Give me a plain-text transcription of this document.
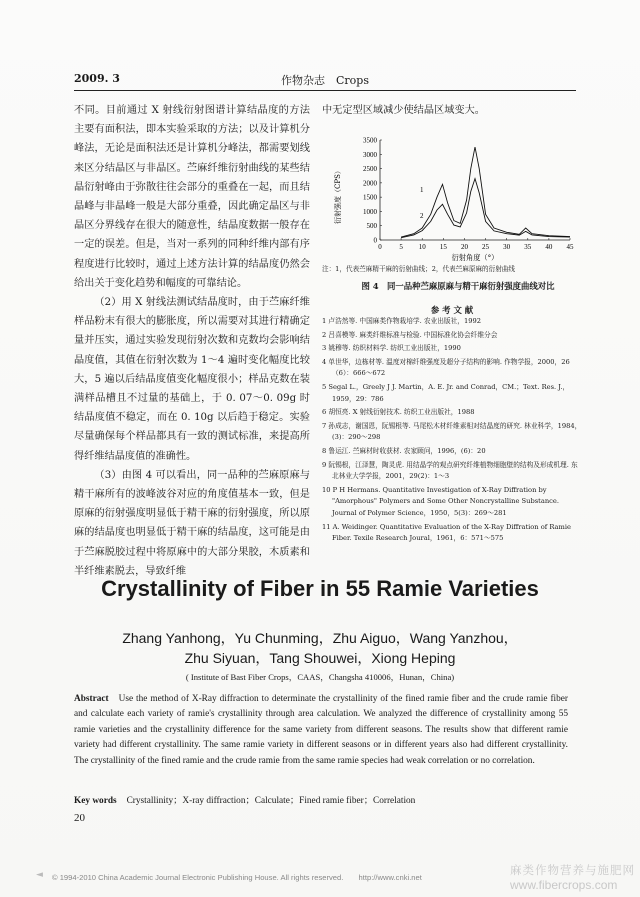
2009. 3	作物杂志　Crops

不同。目前通过 X 射线衍射图谱计算结晶度的方法主要有面积法，即本实验采取的方法；以及计算机分峰法，无论是面积法还是计算机分峰法，都需要划线来区分结晶区与非晶区。苎麻纤维衍射曲线的某些结晶衍射峰由于弥散往往会部分的重叠在一起，而且结晶峰与非晶峰一般是大部分重叠，因此确定晶区与非晶区分界线存在很大的随意性，结晶度数据一般存在一定的误差。但是，当对一系列的同种纤维内部有序程度进行比较时，通过上述方法计算的结晶度仍然会给出关于变化趋势和幅度的可靠结论。

（2）用 X 射线法测试结晶度时，由于苎麻纤维样品粉末有很大的膨胀度，所以需要对其进行精确定量并压实，通过实验发现衍射次数和克数均会影响结晶度值，其值在衍射次数为 1～4 遍时变化幅度比较大，5 遍以后结晶度值变化幅度很小；样品克数在装满样品槽且不过量的基础上，于 0. 07～0. 09g 时结晶度值不稳定，而在 0. 10g 以后趋于稳定。实验尽量确保每个样品都具有一致的测试标准，来提高所得纤维结晶度值的准确性。

（3）由图 4 可以看出，同一品种的苎麻原麻与精干麻所有的波峰波谷对应的角度值基本一致，但是原麻的衍射强度明显低于精干麻的衍射强度，所以原麻的结晶度也明显低于精干麻的结晶度，这可能是由于苎麻脱胶过程中将原麻中的大部分果胶，木质素和半纤维素脱去，导致纤维

中无定型区域减少使结晶区域变大。
0	5 10 15 20 25 30 35 40 45
0
500
1000
1500
2000
2500
3000
3500
衍射强度（CPS）
衍射角度（°）
1
2
注：1，代表苎麻精干麻的衍射曲线；2，代表苎麻原麻的衍射曲线
图 4　同一品种苎麻原麻与精干麻衍射强度曲线对比
参 考 文 献
1 卢浩然等. 中国麻类作物栽培学. 农业出版社，1992
2 吕喜模等. 麻类纤维标准与检验. 中国标准化协会纤维分会
3 姚穆等. 纺织材料学. 纺织工业出版社，1990
4 单世华，边栋材等. 温度对棉纤维强度及超分子结构的影响. 作物学报，2000，26（6）：666～672
5 Segal L.，Greely J J. Martin，A. E. Jr. and Conrad，CM.；Text. Res. J.，1959，29：786
6 胡恒亮. X 射线衍射技术. 纺织工业出版社，1988
7 孙成志，谢国恩，阮锡根等. 马尾松木材纤维素相对结晶度的研究. 林业科学，1984，(3)：290～298
8 鲁运江. 苎麻材时收获材. 农家顾问，1996，(6)：20
9 阮锡根，江泽慧，陶灵虎. 用结晶学的观点研究纤维植物细胞壁的结构及形成机理. 东北林业大学学报，2001，29(2)：1～3
10 P H Hermans. Quantitative Investigation of X-Ray Diffration by "Amorphous" Polymers and Some Other Noncrystalline Substance. Journal of Polymer Science，1950，5(3)：269～281
11 A. Weidinger. Quantitative Evaluation of the X-Ray Diffration of Ramie Fiber. Texile Research Joural，1961，6：571～575
Crystallinity of Fiber in 55 Ramie Varieties
Zhang Yanhong，Yu Chunming，Zhu Aiguo，Wang Yanzhou，
Zhu Siyuan，Tang Shouwei，Xiong Heping
( Institute of Bast Fiber Crops，CAAS，Changsha 410006，Hunan，China)
Abstract Use the method of X-Ray diffraction to determinate the crystallinity of the fined ramie fiber and the crude ramie fiber and calculate each variety of ramie's crystallinity through area calculation. We analyzed the difference of crystallinity among 55 ramie varieties and the crystallinity difference for the same variety from different seasons. The results show that different ramie variety had different crystallinity. The same ramie variety in different seasons or in different years also had different crystallinity. The crystallinity of the fined ramie and the crude ramie from the same ramie species had weak correlation or no correlation.
Key words Crystallinity；X-ray diffraction；Calculate；Fined ramie fiber；Correlation
20
◄ © 1994-2010 China Academic Journal Electronic Publishing House. All rights reserved.　　http://www.cnki.net
麻类作物营养与施肥网
www.fibercrops.com
